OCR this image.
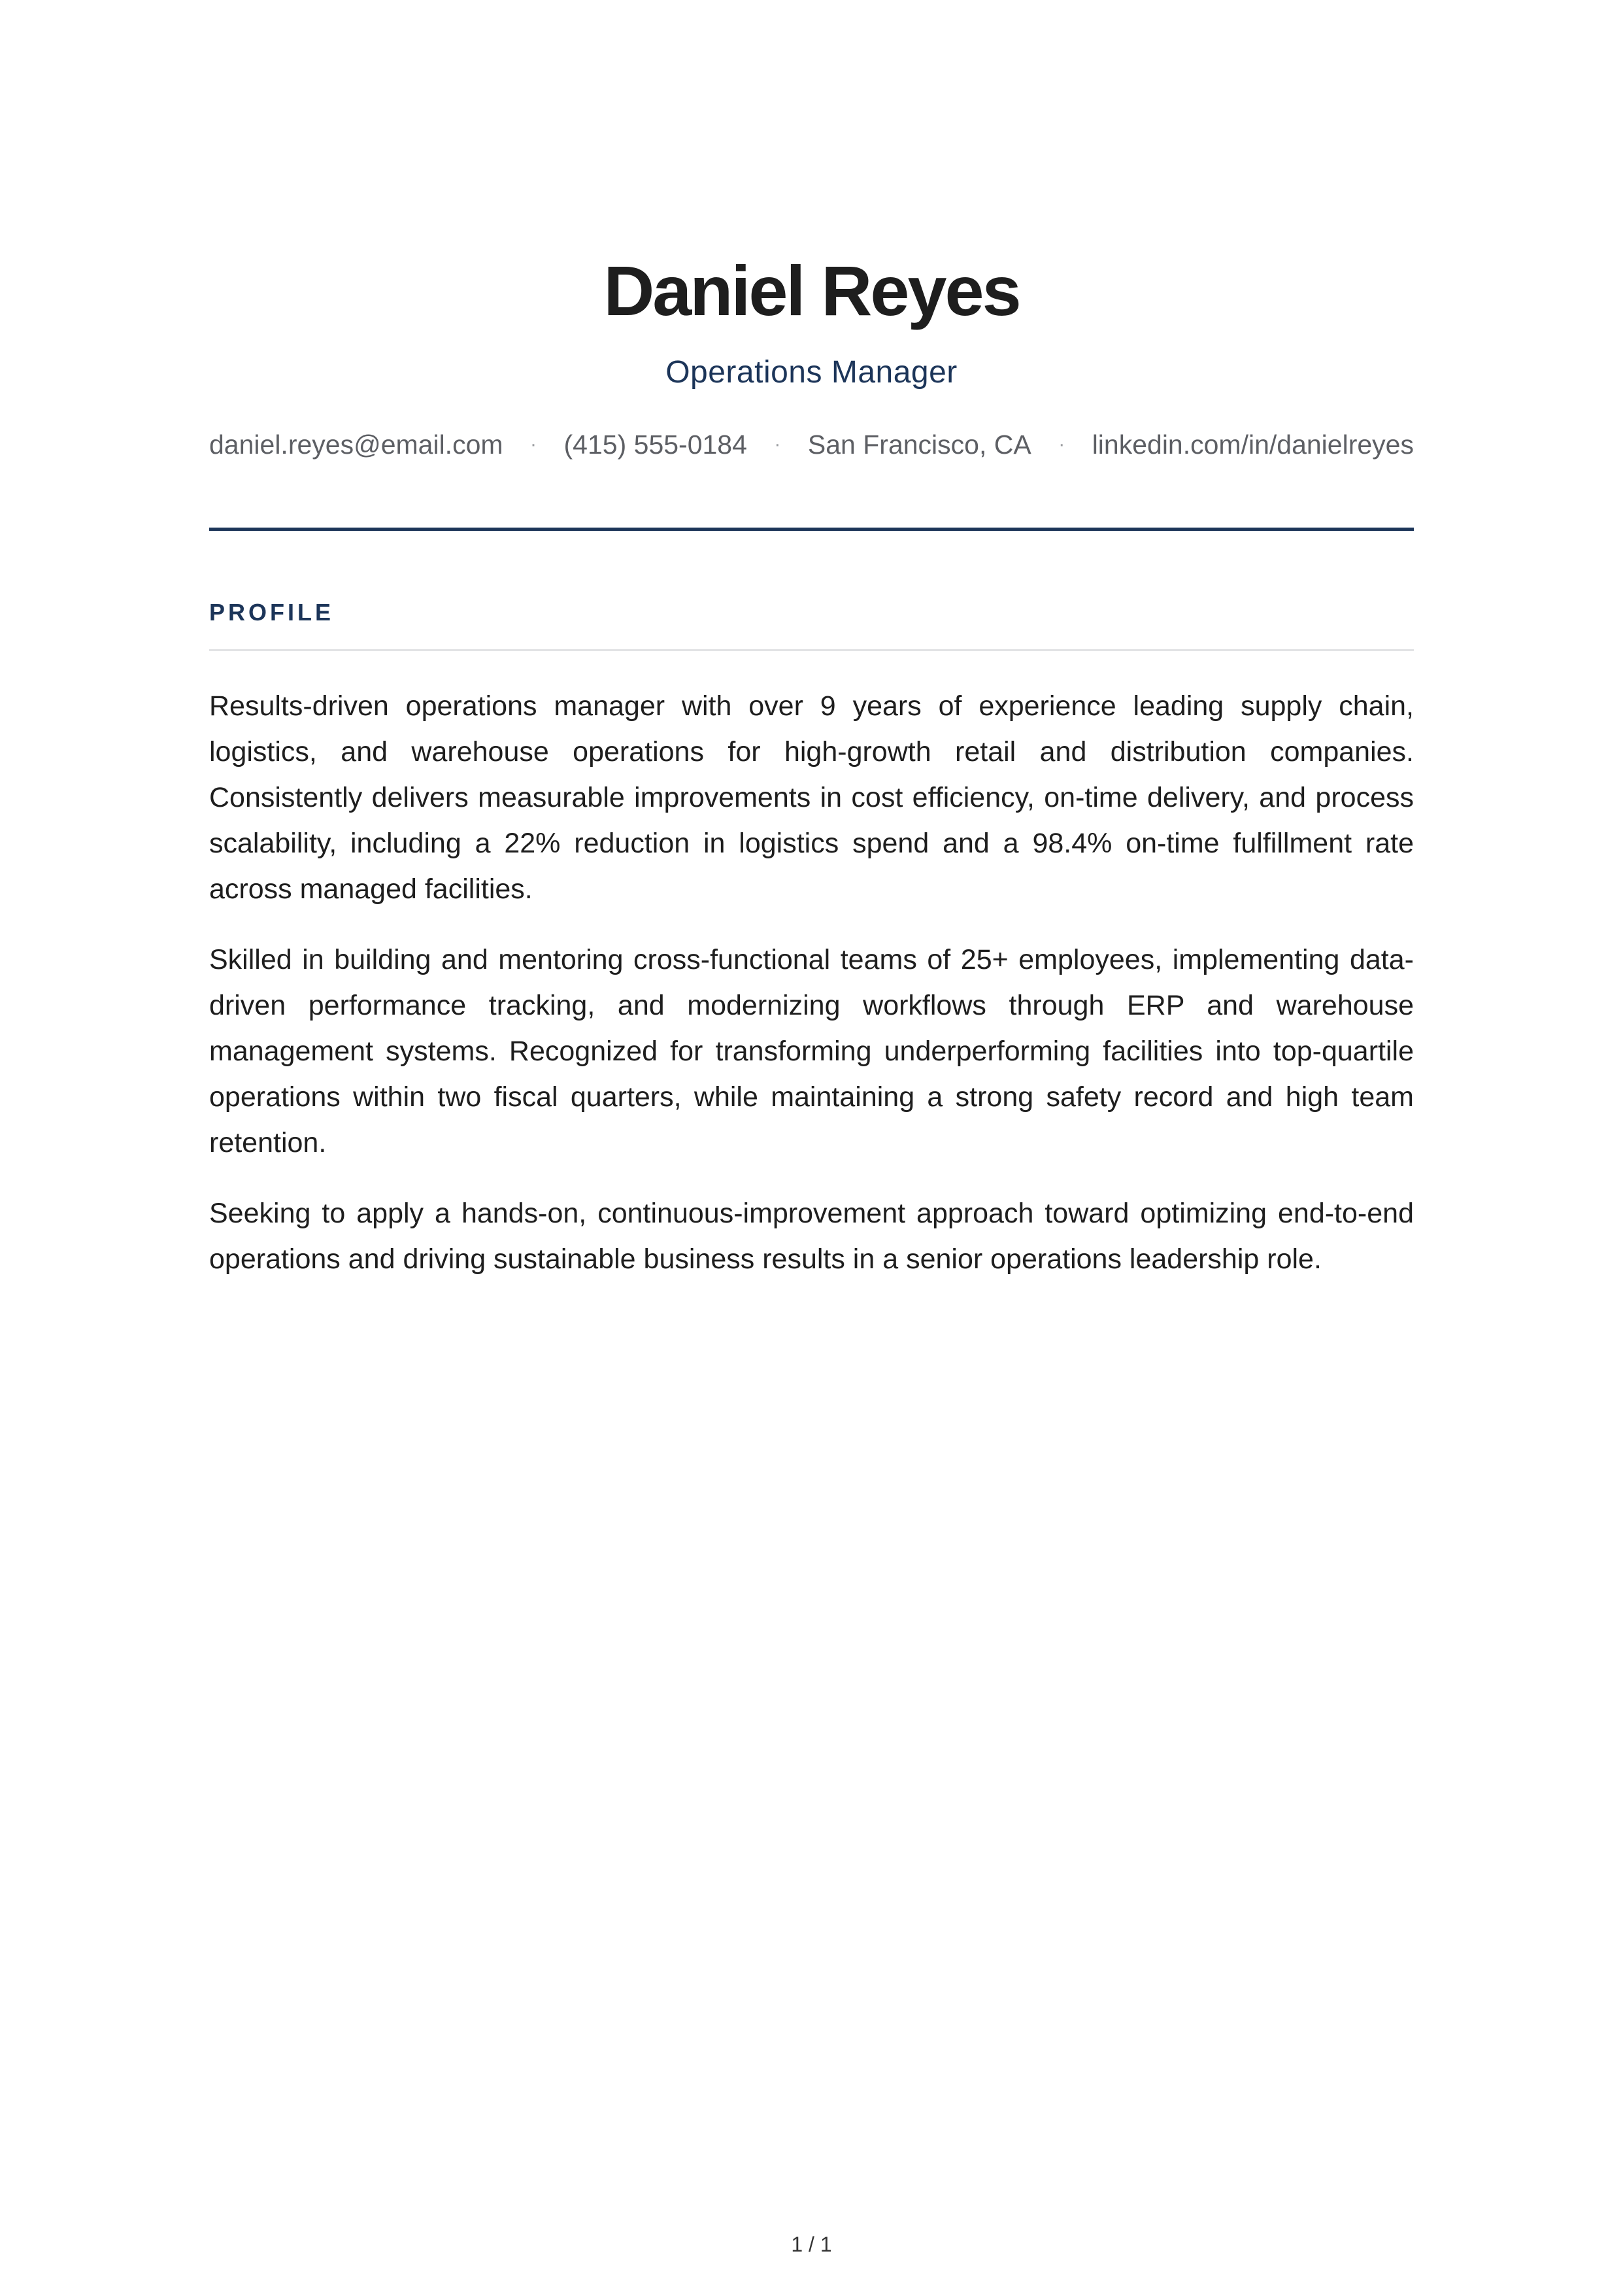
Daniel Reyes
Operations Manager
daniel.reyes@email.com · (415) 555-0184 · San Francisco, CA · linkedin.com/in/danielreyes
PROFILE

Results-driven operations manager with over 9 years of experience leading supply chain, logistics, and warehouse operations for high-growth retail and distribution companies. Consistently delivers measurable improvements in cost efficiency, on-time delivery, and process scalability, including a 22% reduction in logistics spend and a 98.4% on-time fulfillment rate across managed facilities.

Skilled in building and mentoring cross-functional teams of 25+ employees, implementing data-driven performance tracking, and modernizing workflows through ERP and warehouse management systems. Recognized for transforming underperforming facilities into top-quartile operations within two fiscal quarters, while maintaining a strong safety record and high team retention.

Seeking to apply a hands-on, continuous-improvement approach toward optimizing end-to-end operations and driving sustainable business results in a senior operations leadership role.

1 / 1
